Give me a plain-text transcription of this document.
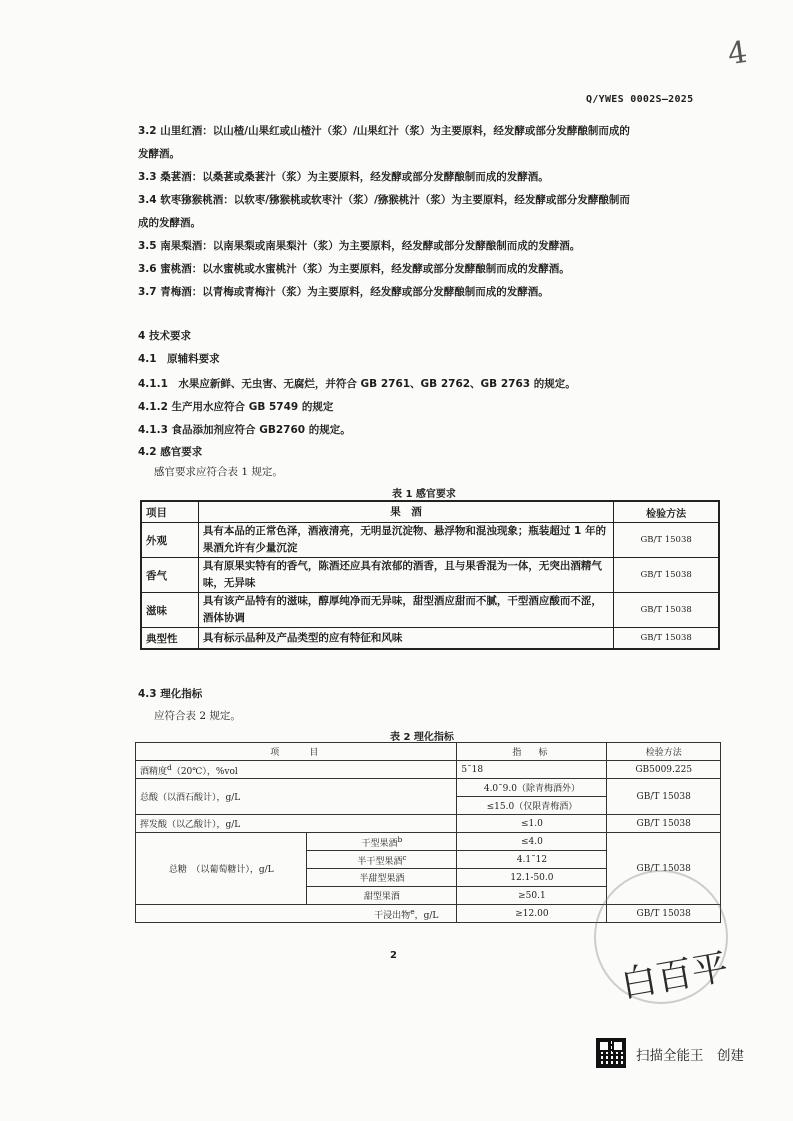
4
Q/YWES 0002S—2025
3.2 山里红酒：以山楂/山果红或山楂汁（浆）/山果红汁（浆）为主要原料，经发酵或部分发酵酿制而成的
发酵酒。
3.3 桑葚酒：以桑葚或桑葚汁（浆）为主要原料，经发酵或部分发酵酿制而成的发酵酒。
3.4 软枣猕猴桃酒：以软枣/猕猴桃或软枣汁（浆）/猕猴桃汁（浆）为主要原料，经发酵或部分发酵酿制而
成的发酵酒。
3.5 南果梨酒：以南果梨或南果梨汁（浆）为主要原料，经发酵或部分发酵酿制而成的发酵酒。
3.6 蜜桃酒：以水蜜桃或水蜜桃汁（浆）为主要原料，经发酵或部分发酵酿制而成的发酵酒。
3.7 青梅酒：以青梅或青梅汁（浆）为主要原料，经发酵或部分发酵酿制而成的发酵酒。
4 技术要求
4.1　原辅料要求
4.1.1　水果应新鲜、无虫害、无腐烂，并符合 GB 2761、GB 2762、GB 2763 的规定。
4.1.2 生产用水应符合 GB 5749 的规定
4.1.3 食品添加剂应符合 GB2760 的规定。
4.2 感官要求
感官要求应符合表 1 规定。
表 1 感官要求
项目	果　酒	检验方法
外观	具有本品的正常色泽，酒液清亮，无明显沉淀物、悬浮物和混浊现象；瓶装超过 1 年的果酒允许有少量沉淀	GB/T 15038
香气	具有原果实特有的香气，陈酒还应具有浓郁的酒香，且与果香混为一体，无突出酒精气味，无异味	GB/T 15038
滋味	具有该产品特有的滋味，醇厚纯净而无异味，甜型酒应甜而不腻，干型酒应酸而不涩，酒体协调	GB/T 15038
典型性	具有标示品种及产品类型的应有特征和风味	GB/T 15038
4.3 理化指标
应符合表 2 规定。
表 2 理化指标
项　　目		指　标	检验方法
酒精度$^d$（20℃），%vol		5˜18	GB5009.225
总酸（以酒石酸计），g/L		4.0˜9.0（除青梅酒外）	GB/T 15038
		≤15.0（仅限青梅酒）	
挥发酸（以乙酸计），g/L		≤1.0	GB/T 15038
总糖　（以葡萄糖计），g/L	干型果酒$^b$	≤4.0	GB/T 15038
	半干型果酒$^c$	4.1˜12	
	半甜型果酒	12.1-50.0	
	甜型果酒	≥50.1	
干浸出物$^e$，g/L		≥12.00	GB/T 15038
白百平
2
扫描全能王　创建
